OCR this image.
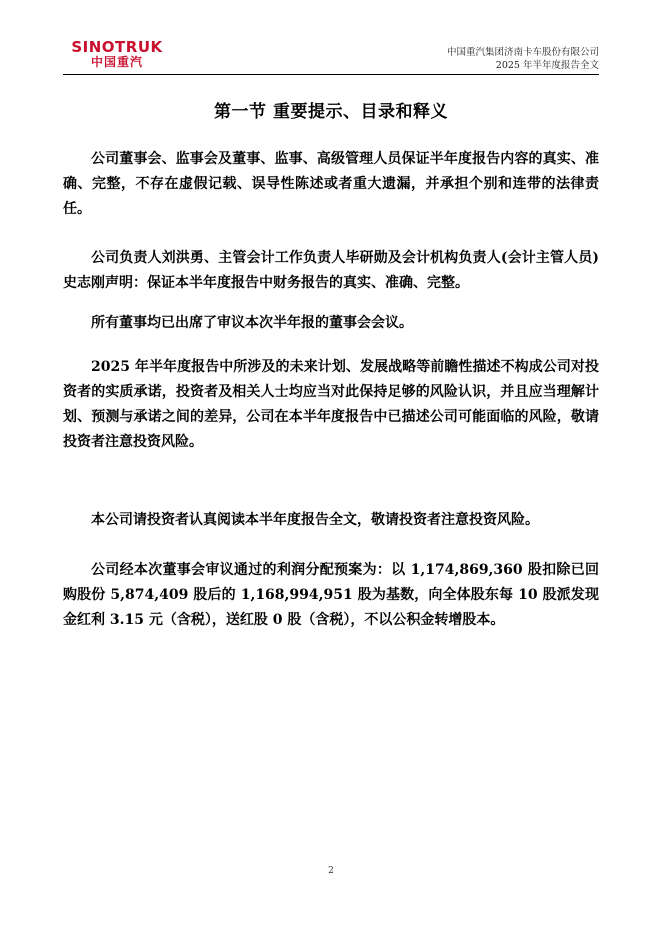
SINOTRUK
中国重汽
中国重汽集团济南卡车股份有限公司
2025 年半年度报告全文
第一节 重要提示、目录和释义

公司董事会、监事会及董事、监事、高级管理人员保证半年度报告内容的真实、准确、完整，不存在虚假记载、误导性陈述或者重大遗漏，并承担个别和连带的法律责任。

公司负责人刘洪勇、主管会计工作负责人毕研勋及会计机构负责人(会计主管人员)史志刚声明：保证本半年度报告中财务报告的真实、准确、完整。

所有董事均已出席了审议本次半年报的董事会会议。

2025 年半年度报告中所涉及的未来计划、发展战略等前瞻性描述不构成公司对投资者的实质承诺，投资者及相关人士均应当对此保持足够的风险认识，并且应当理解计划、预测与承诺之间的差异，公司在本半年度报告中已描述公司可能面临的风险，敬请投资者注意投资风险。

本公司请投资者认真阅读本半年度报告全文，敬请投资者注意投资风险。

公司经本次董事会审议通过的利润分配预案为：以 1,174,869,360 股扣除已回购股份 5,874,409 股后的 1,168,994,951 股为基数，向全体股东每 10 股派发现金红利 3.15 元（含税），送红股 0 股（含税），不以公积金转增股本。

2
